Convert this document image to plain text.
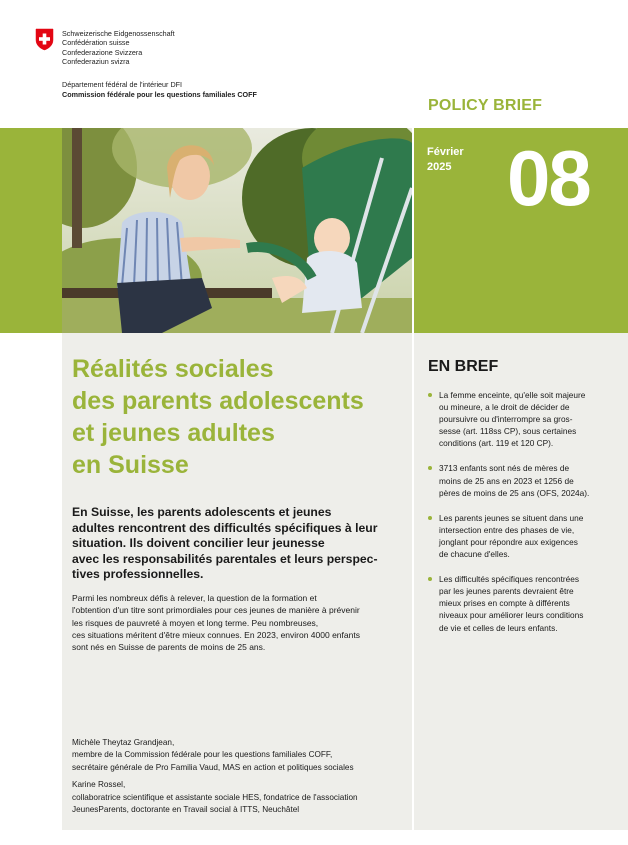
Schweizerische Eidgenossenschaft
Confédération suisse
Confederazione Svizzera
Confederaziun svizra
Département fédéral de l'intérieur DFI
Commission fédérale pour les questions familiales COFF
POLICY BRIEF
Février
2025 08
Réalités sociales
des parents adolescents
et jeunes adultes
en Suisse
En Suisse, les parents adolescents et jeunes
adultes rencontrent des difficultés spécifiques à leur
situation. Ils doivent concilier leur jeunesse
avec les responsabilités parentales et leurs perspec-
tives professionnelles.
Parmi les nombreux défis à relever, la question de la formation et
l'obtention d'un titre sont primordiales pour ces jeunes de manière à prévenir
les risques de pauvreté à moyen et long terme. Peu nombreuses,
ces situations méritent d'être mieux connues. En 2023, environ 4000 enfants
sont nés en Suisse de parents de moins de 25 ans.
Michèle Theytaz Grandjean,
membre de la Commission fédérale pour les questions familiales COFF,
secrétaire générale de Pro Familia Vaud, MAS en action et politiques sociales
Karine Rossel,
collaboratrice scientifique et assistante sociale HES, fondatrice de l'association
JeunesParents, doctorante en Travail social à ITTS, Neuchâtel
EN BREF
La femme enceinte, qu'elle soit majeure
ou mineure, a le droit de décider de
poursuivre ou d'interrompre sa gros-
sesse (art. 118ss CP), sous certaines
conditions (art. 119 et 120 CP).
3713 enfants sont nés de mères de
moins de 25 ans en 2023 et 1256 de
pères de moins de 25 ans (OFS, 2024a).
Les parents jeunes se situent dans une
intersection entre des phases de vie,
jonglant pour répondre aux exigences
de chacune d'elles.
Les difficultés spécifiques rencontrées
par les jeunes parents devraient être
mieux prises en compte à différents
niveaux pour améliorer leurs conditions
de vie et celles de leurs enfants.
